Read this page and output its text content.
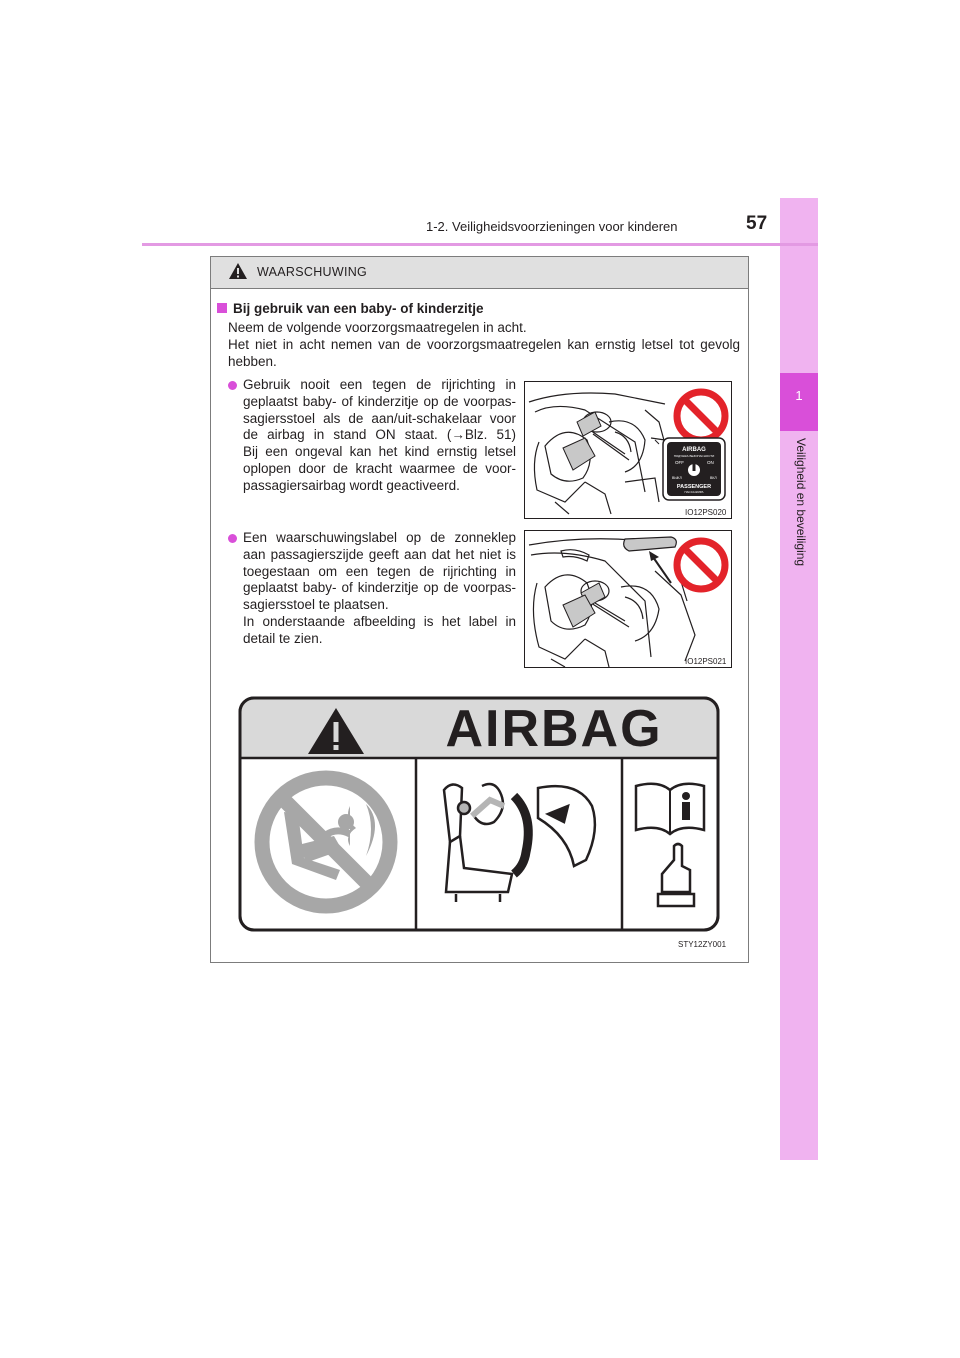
1
Veiligheid en beveiliging
1-2. Veiligheidsvoorzieningen voor kinderen	57
WAARSCHUWING
Bij gebruik van een baby- of kinderzitje
Neem de volgende voorzorgsmaatregelen in acht.
Het niet in acht nemen van de voorzorgsmaatregelen kan ernstig letsel tot gevolg
hebben.
Gebruik nooit een tegen de rijrichting in
geplaatst baby- of kinderzitje op de voorpas-
sagiersstoel als de aan/uit-schakelaar voor
de airbag in stand ON staat. (→Blz. 51)
Bij een ongeval kan het kind ernstig letsel
oplopen door de kracht waarmee de voor-
passagiersairbag wordt geactiveerd.
AIRBAG
ПОДУШКА БЕЗОПАСНОСТИ
OFF	ON
ВЫКЛ	ВКЛ
PASSENGER
ПАССАЖИРА
IO12PS020
Een waarschuwingslabel op de zonneklep
aan passagierszijde geeft aan dat het niet is
toegestaan om een tegen de rijrichting in
geplaatst baby- of kinderzitje op de voorpas-
sagiersstoel te plaatsen.
In onderstaande afbeelding is het label in
detail te zien.
IO12PS021
AIRBAG
STY12ZY001
